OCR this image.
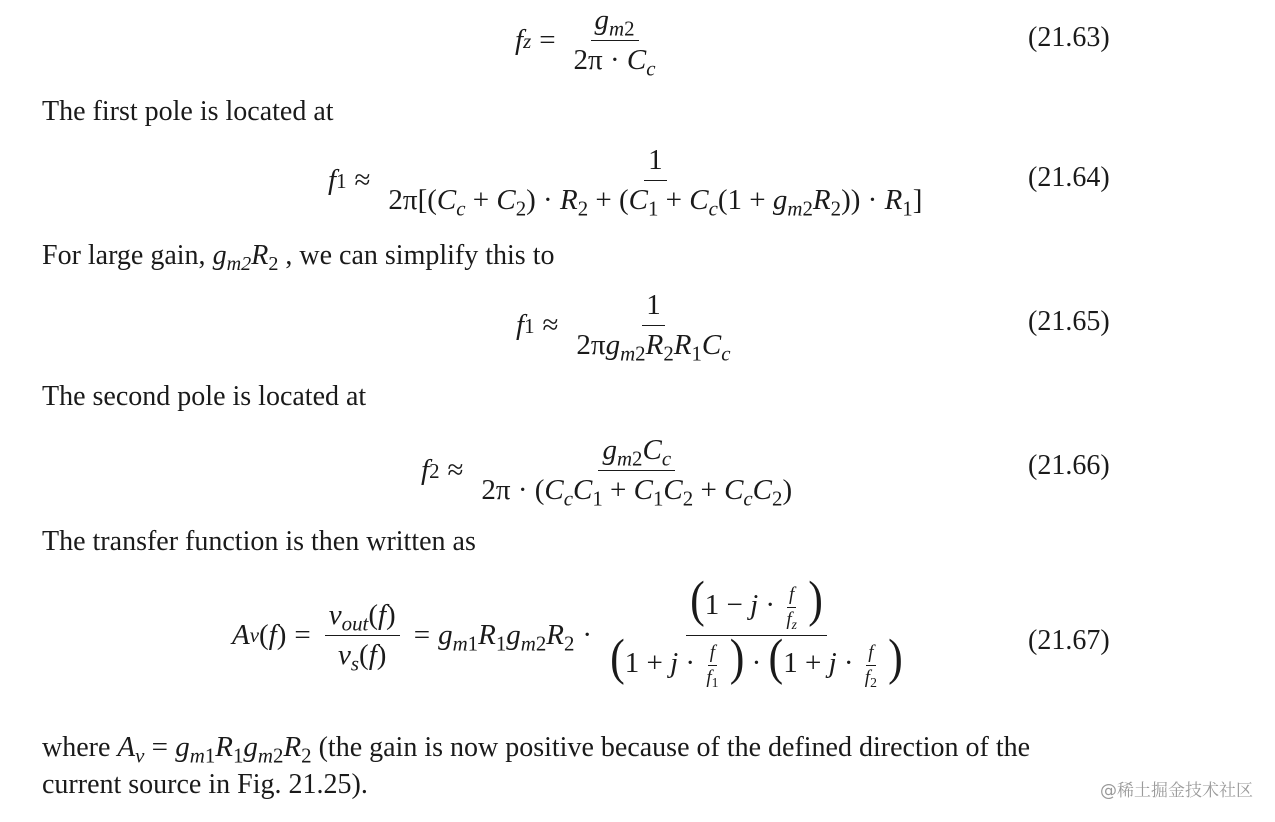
f $z = \frac{g_{m2}}{2\pi \cdot C_c}$	(21.63)
The first pole is located at
f $1 \approx \frac{1}{2\pi[(C_c + C_2) \cdot R_2 + (C_1 + C_c(1 + g_{m2}R_2)) \cdot R_1]}$	(21.64)
For large gain, $g_{m2}R_2$ , we can simplify this to
f $1 \approx \frac{1}{2\pi g_{m2}R_2R_1C_c}$	(21.65)
The second pole is located at
f $2 \approx \frac{g_{m2}C_c}{2\pi \cdot (C_cC_1 + C_1C_2 + C_cC_2)}$	(21.66)
The transfer function is then written as
A v ( f ) = $\frac{v_{out}(f)}{v_s(f)} = g_{m1}R_1g_{m2}R_2$ ·
($1 - j \cdot \frac{f}{f_z}$ )
($1 + j \cdot \frac{f}{f_1}$ ) · ($1 + j \cdot \frac{f}{f_2}$ )	(21.67)
where $A_v = g_{m1}R_1g_{m2}R_2$ (the gain is now positive because of the defined direction of the
current source in Fig. 21.25).	@稀土掘金技术社区
